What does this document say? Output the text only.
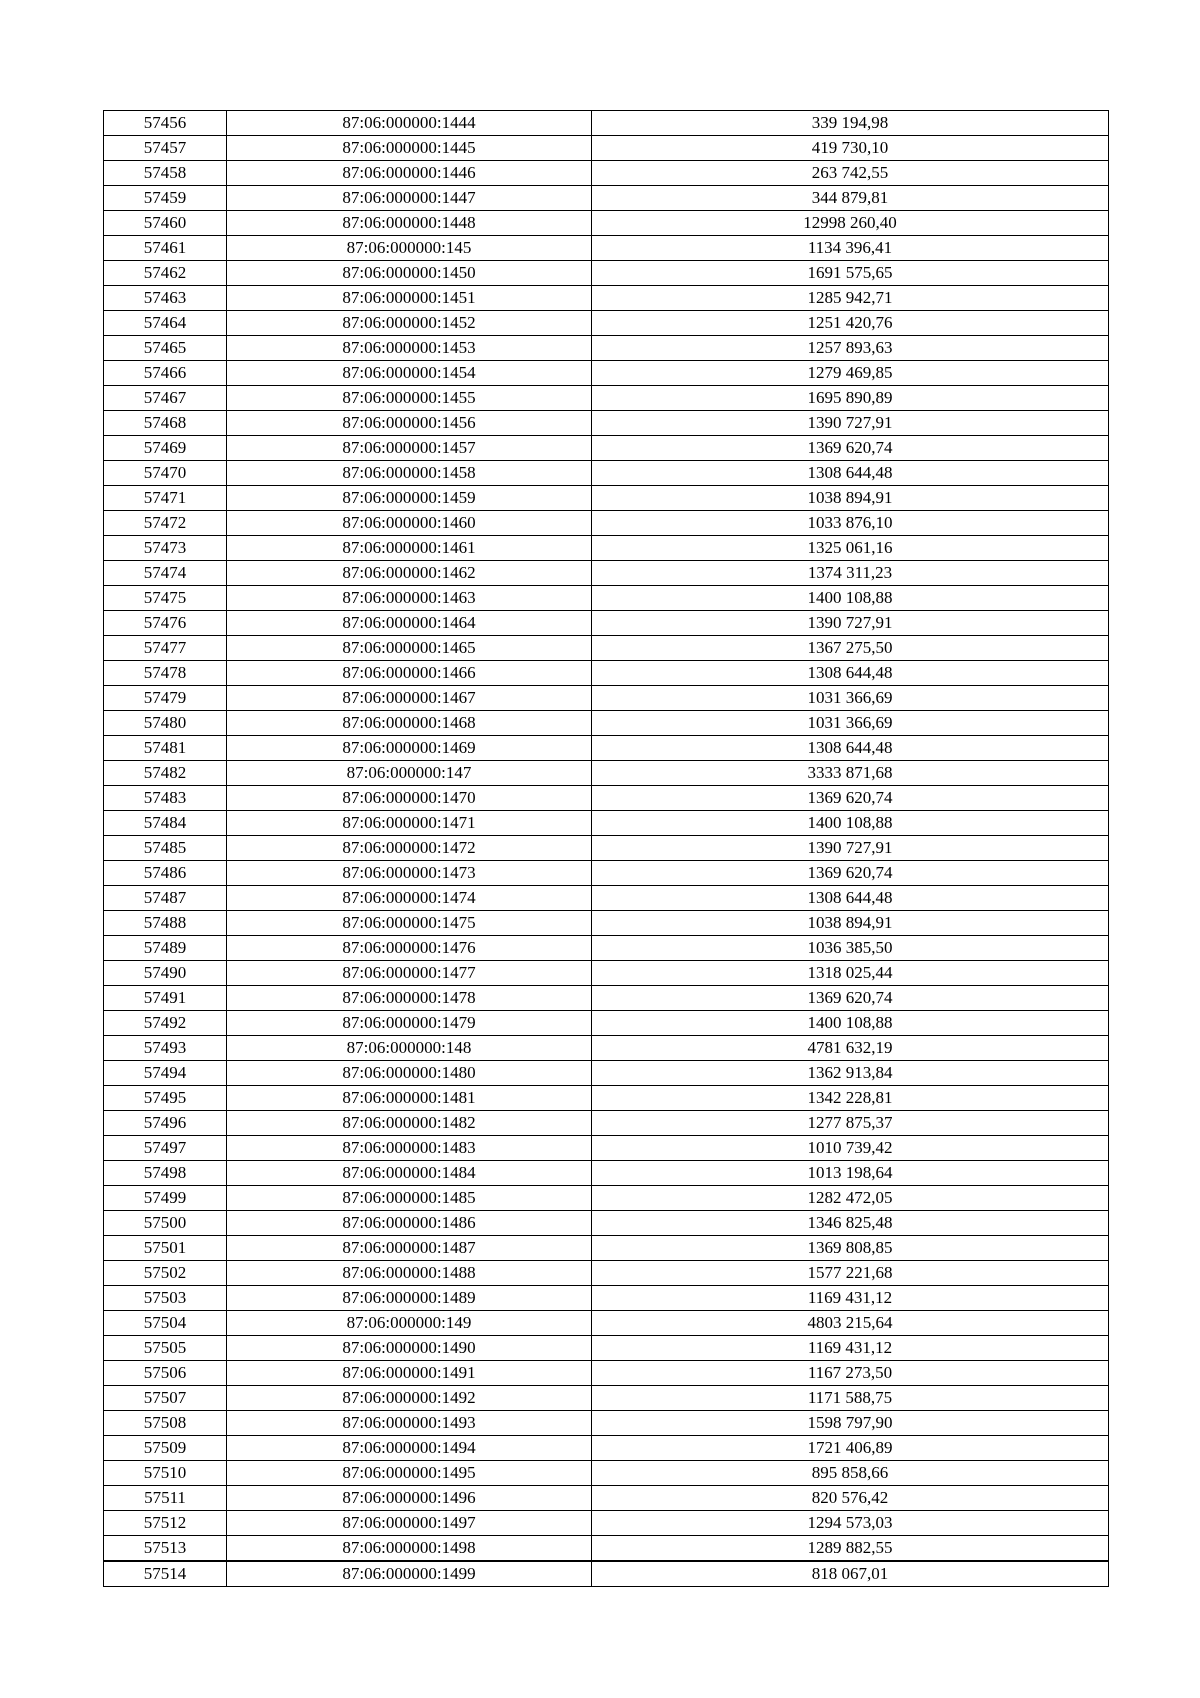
57456	87:06:000000:1444	339 194,98
57457	87:06:000000:1445	419 730,10
57458	87:06:000000:1446	263 742,55
57459	87:06:000000:1447	344 879,81
57460	87:06:000000:1448	12998 260,40
57461	87:06:000000:145	1134 396,41
57462	87:06:000000:1450	1691 575,65
57463	87:06:000000:1451	1285 942,71
57464	87:06:000000:1452	1251 420,76
57465	87:06:000000:1453	1257 893,63
57466	87:06:000000:1454	1279 469,85
57467	87:06:000000:1455	1695 890,89
57468	87:06:000000:1456	1390 727,91
57469	87:06:000000:1457	1369 620,74
57470	87:06:000000:1458	1308 644,48
57471	87:06:000000:1459	1038 894,91
57472	87:06:000000:1460	1033 876,10
57473	87:06:000000:1461	1325 061,16
57474	87:06:000000:1462	1374 311,23
57475	87:06:000000:1463	1400 108,88
57476	87:06:000000:1464	1390 727,91
57477	87:06:000000:1465	1367 275,50
57478	87:06:000000:1466	1308 644,48
57479	87:06:000000:1467	1031 366,69
57480	87:06:000000:1468	1031 366,69
57481	87:06:000000:1469	1308 644,48
57482	87:06:000000:147	3333 871,68
57483	87:06:000000:1470	1369 620,74
57484	87:06:000000:1471	1400 108,88
57485	87:06:000000:1472	1390 727,91
57486	87:06:000000:1473	1369 620,74
57487	87:06:000000:1474	1308 644,48
57488	87:06:000000:1475	1038 894,91
57489	87:06:000000:1476	1036 385,50
57490	87:06:000000:1477	1318 025,44
57491	87:06:000000:1478	1369 620,74
57492	87:06:000000:1479	1400 108,88
57493	87:06:000000:148	4781 632,19
57494	87:06:000000:1480	1362 913,84
57495	87:06:000000:1481	1342 228,81
57496	87:06:000000:1482	1277 875,37
57497	87:06:000000:1483	1010 739,42
57498	87:06:000000:1484	1013 198,64
57499	87:06:000000:1485	1282 472,05
57500	87:06:000000:1486	1346 825,48
57501	87:06:000000:1487	1369 808,85
57502	87:06:000000:1488	1577 221,68
57503	87:06:000000:1489	1169 431,12
57504	87:06:000000:149	4803 215,64
57505	87:06:000000:1490	1169 431,12
57506	87:06:000000:1491	1167 273,50
57507	87:06:000000:1492	1171 588,75
57508	87:06:000000:1493	1598 797,90
57509	87:06:000000:1494	1721 406,89
57510	87:06:000000:1495	895 858,66
57511	87:06:000000:1496	820 576,42
57512	87:06:000000:1497	1294 573,03
57513	87:06:000000:1498	1289 882,55
57514	87:06:000000:1499	818 067,01
